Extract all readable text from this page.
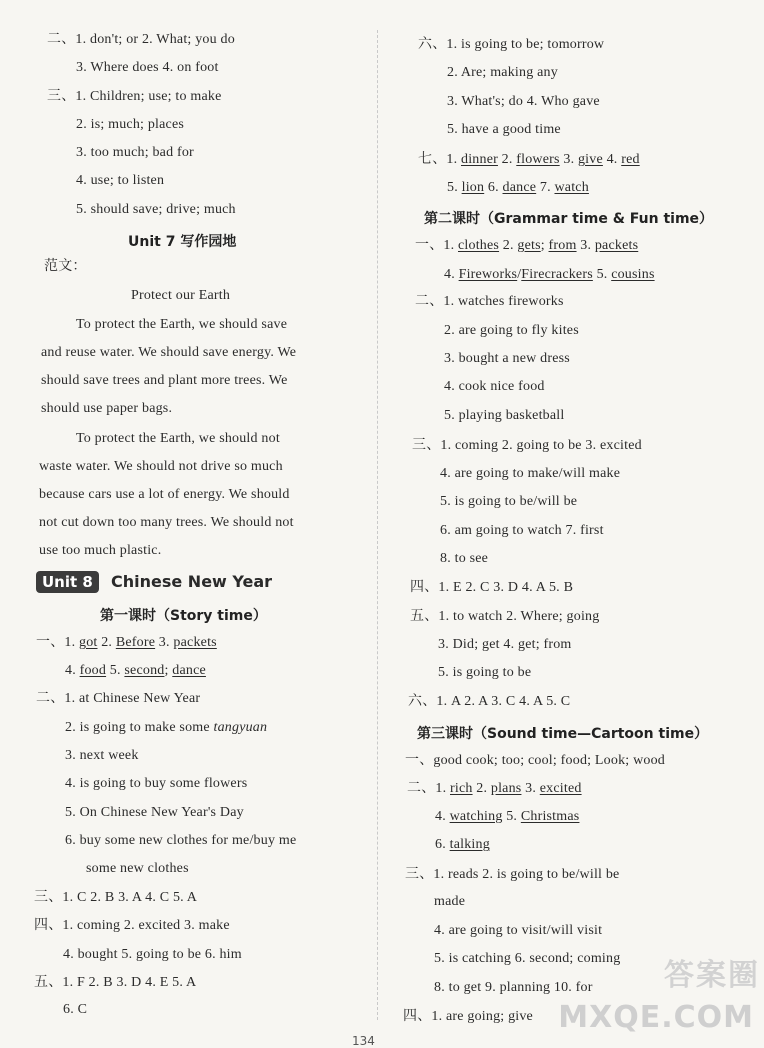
Unit 7 写作园地
Unit 8	Chinese New Year
第一课时（Story time）
二、1. don't; or 2. What; you do
3. Where does 4. on foot
三、1. Children; use; to make
2. is; much; places
3. too much; bad for
4. use; to listen
5. should save; drive; much
范文：
Protect our Earth
To protect the Earth, we should save
and reuse water. We should save energy. We
should save trees and plant more trees. We
should use paper bags.
To protect the Earth, we should not
waste water. We should not drive so much
because cars use a lot of energy. We should
not cut down too many trees. We should not
use too much plastic.
一、1. got 2. Before 3. packets
4. food 5. second; dance
二、1. at Chinese New Year
2. is going to make some tangyuan
3. next week
4. is going to buy some flowers
5. On Chinese New Year's Day
6. buy some new clothes for me/buy me
some new clothes
三、1. C 2. B 3. A 4. C 5. A
四、1. coming 2. excited 3. make
4. bought 5. going to be 6. him
五、1. F 2. B 3. D 4. E 5. A
6. C
第二课时（Grammar time & Fun time）
第三课时（Sound time—Cartoon time）
六、1. is going to be; tomorrow
2. Are; making any
3. What's; do 4. Who gave
5. have a good time
七、1. dinner 2. flowers 3. give 4. red
5. lion 6. dance 7. watch
一、1. clothes 2. gets; from 3. packets
4. Fireworks/Firecrackers 5. cousins
二、1. watches fireworks
2. are going to fly kites
3. bought a new dress
4. cook nice food
5. playing basketball
三、1. coming 2. going to be 3. excited
4. are going to make/will make
5. is going to be/will be
6. am going to watch 7. first
8. to see
四、1. E 2. C 3. D 4. A 5. B
五、1. to watch 2. Where; going
3. Did; get 4. get; from
5. is going to be
六、1. A 2. A 3. C 4. A 5. C
一、good cook; too; cool; food; Look; wood
二、1. rich 2. plans 3. excited
4. watching 5. Christmas
6. talking
三、1. reads 2. is going to be/will be
made
4. are going to visit/will visit
5. is catching 6. second; coming
8. to get 9. planning 10. for
四、1. are going; give
答案圈
MXQE.COM
134
